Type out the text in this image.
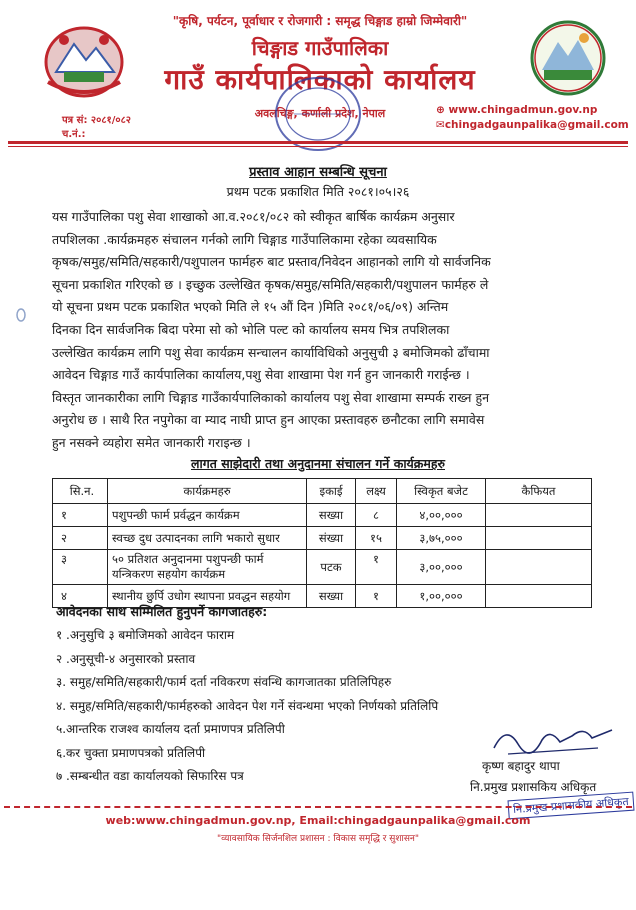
"कृषि, पर्यटन, पूर्वाधार र रोजगारी : समृद्ध चिङ्गाड हाम्रो जिम्मेवारी"
चिङ्गाड गाउँपालिका
गाउँ कार्यपालिकाको कार्यालय
अवलचिङ्ग, कर्णाली प्रदेश, नेपाल	⊕ www.chingadmun.gov.np
✉chingadgaunpalika@gmail.com
पत्र सं: २०८१/०८२
च.नं.:
प्रस्ताव आहान सम्बन्धि सूचना
प्रथम पटक प्रकाशित मिति २०८१।०५।२६
यस गाउँपालिका पशु सेवा शाखाको आ.व.२०८१/०८२ को स्वीकृत बार्षिक कार्यक्रम अनुसार
तपशिलका .कार्यक्रमहरु संचालन गर्नको लागि चिङ्गाड गाउँपालिकामा रहेका व्यवसायिक
कृषक/समुह/समिति/सहकारी/पशुपालन फार्महरु बाट प्रस्ताव/निवेदन आहानको लागि यो सार्वजनिक
सूचना प्रकाशित गरिएको छ । इच्छुक उल्लेखित कृषक/समुह/समिति/सहकारी/पशुपालन फार्महरु ले
यो सूचना प्रथम पटक प्रकाशित भएको मिति ले १५ औं दिन )मिति २०८१/०६/०९) अन्तिम
दिनका दिन सार्वजनिक बिदा परेमा सो को भोलि पल्ट को कार्यालय समय भित्र तपशिलका
उल्लेखित कार्यक्रम लागि पशु सेवा कार्यक्रम सन्चालन कार्याविधिको अनुसुची ३ बमोजिमको ढाँचामा
आवेदन चिङ्गाड गाउँ कार्यपालिका कार्यालय,पशु सेवा शाखामा पेश गर्न हुन जानकारी गराईन्छ ।
विस्तृत जानकारीका लागि चिङ्गाड गाउँकार्यपालिकाको कार्यालय पशु सेवा शाखामा सम्पर्क राख्न हुन
अनुरोध छ । साथै रित नपुगेका वा म्याद नाघी प्राप्त हुन आएका प्रस्तावहरु छनौटका लागि समावेस
हुन नसक्ने व्यहोरा समेत जानकारी गराइन्छ ।
लागत साझेदारी तथा अनुदानमा संचालन गर्ने कार्यक्रमहरु
सि.न.	कार्यक्रमहरु	इकाई	लक्ष्य	स्विकृत बजेट	कैफियत
१	पशुपन्छी फार्म प्रर्वद्धन कार्यक्रम	सख्या	८	४,००,०००	
२	स्वच्छ दुध उत्पादनका लागि भकारो सुधार	संख्या	१५	३,७५,०००	
३	५० प्रतिशत अनुदानमा पशुपन्छी फार्म यन्त्रिकरण सहयोग कार्यक्रम	पटक	१	३,००,०००	
४	स्थानीय छुर्पि उधोग स्थापना प्रवद्धन सहयोग	सख्या	१	१,००,०००	
आवेदनका साथ सम्मिलित हुनुपर्ने कागजातहरु:
१ .अनुसुचि ३ बमोजिमको आवेदन फाराम
२ .अनुसूची-४ अनुसारको प्रस्ताव
३. समुह/समिति/सहकारी/फार्म दर्ता नविकरण संवन्धि कागजातका प्रतिलिपिहरु
४. समुह/समिति/सहकारी/फार्महरुको आवेदन पेश गर्ने संवन्धमा भएको निर्णयको प्रतिलिपि
५.आन्तरिक राजश्व कार्यालय दर्ता प्रमाणपत्र प्रतिलिपी
६.कर चुक्ता प्रमाणपत्रको प्रतिलिपी
७ .सम्बन्धीत वडा कार्यालयको सिफारिस पत्र
कृष्ण बहादुर थापा
नि.प्रमुख प्रशासकिय अधिकृत
नि.प्रमुख प्रशासकीय अधिकृत
web:www.chingadmun.gov.np, Email:chingadgaunpalika@gmail.com
"व्यावसायिक सिर्जनशिल प्रशासन : विकास समृद्धि र सुशासन"
